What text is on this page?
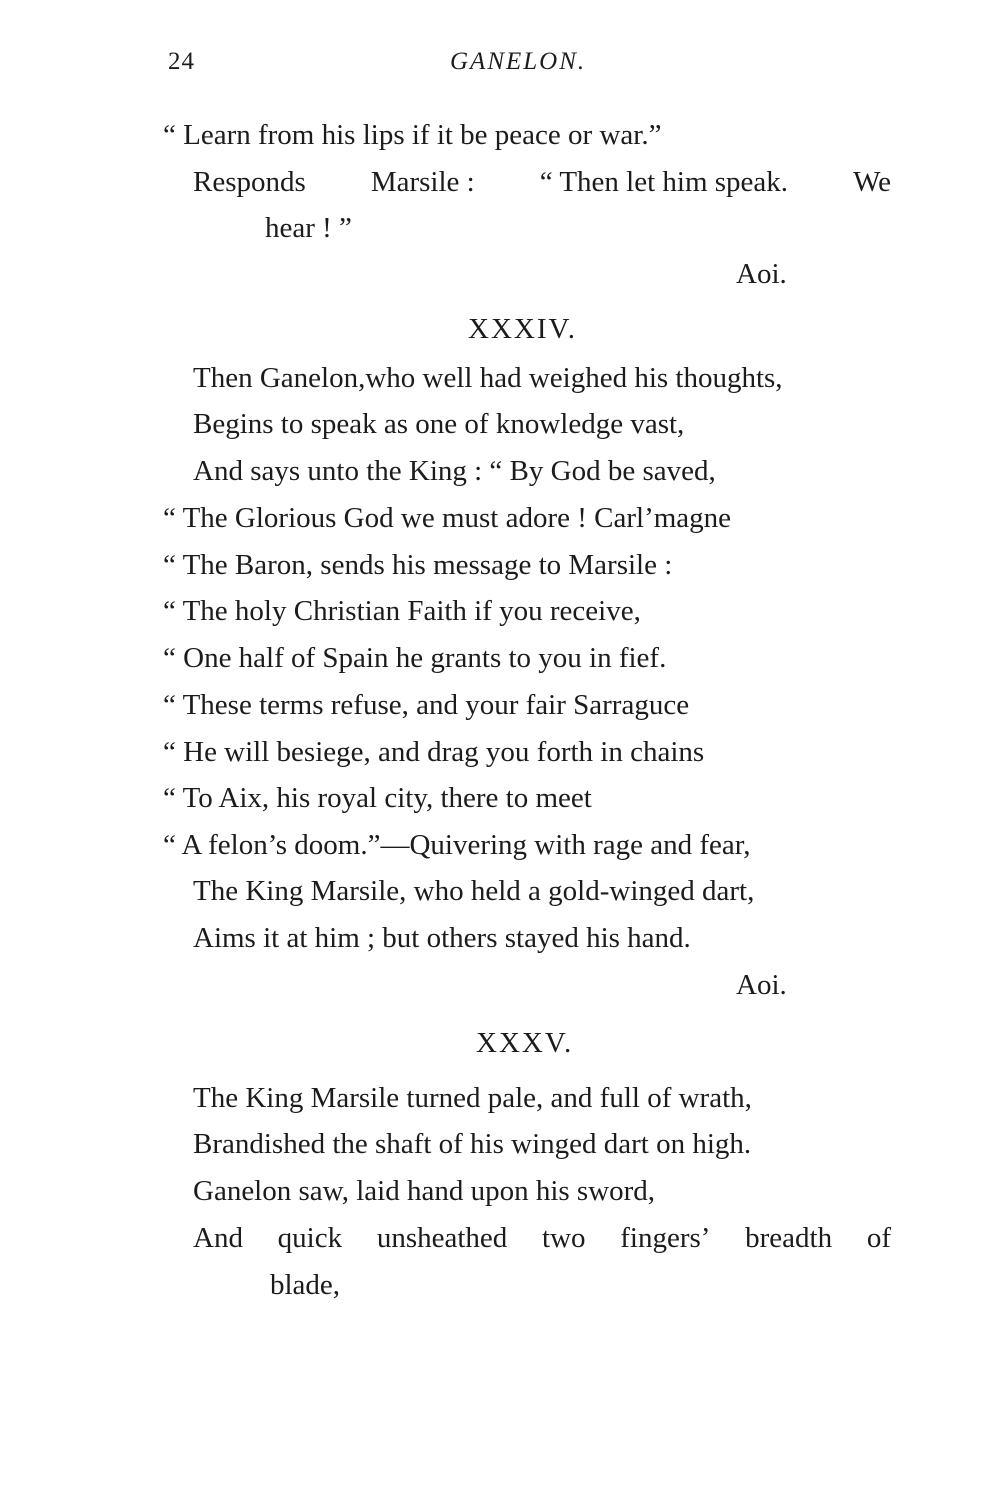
24	GANELON.
“ Learn from his lips if it be peace or war.”
Responds Marsile : “ Then let him speak. We
hear ! ”
Aoi.
XXXIV.
Then Ganelon,who well had weighed his thoughts,
Begins to speak as one of knowledge vast,
And says unto the King : “ By God be saved,
“ The Glorious God we must adore ! Carl’magne
“ The Baron, sends his message to Marsile :
“ The holy Christian Faith if you receive,
“ One half of Spain he grants to you in fief.
“ These terms refuse, and your fair Sarraguce
“ He will besiege, and drag you forth in chains
“ To Aix, his royal city, there to meet
“ A felon’s doom.”—Quivering with rage and fear,
The King Marsile, who held a gold-winged dart,
Aims it at him ; but others stayed his hand.
Aoi.
XXXV.
The King Marsile turned pale, and full of wrath,
Brandished the shaft of his winged dart on high.
Ganelon saw, laid hand upon his sword,
And quick unsheathed two fingers’ breadth of
blade,
